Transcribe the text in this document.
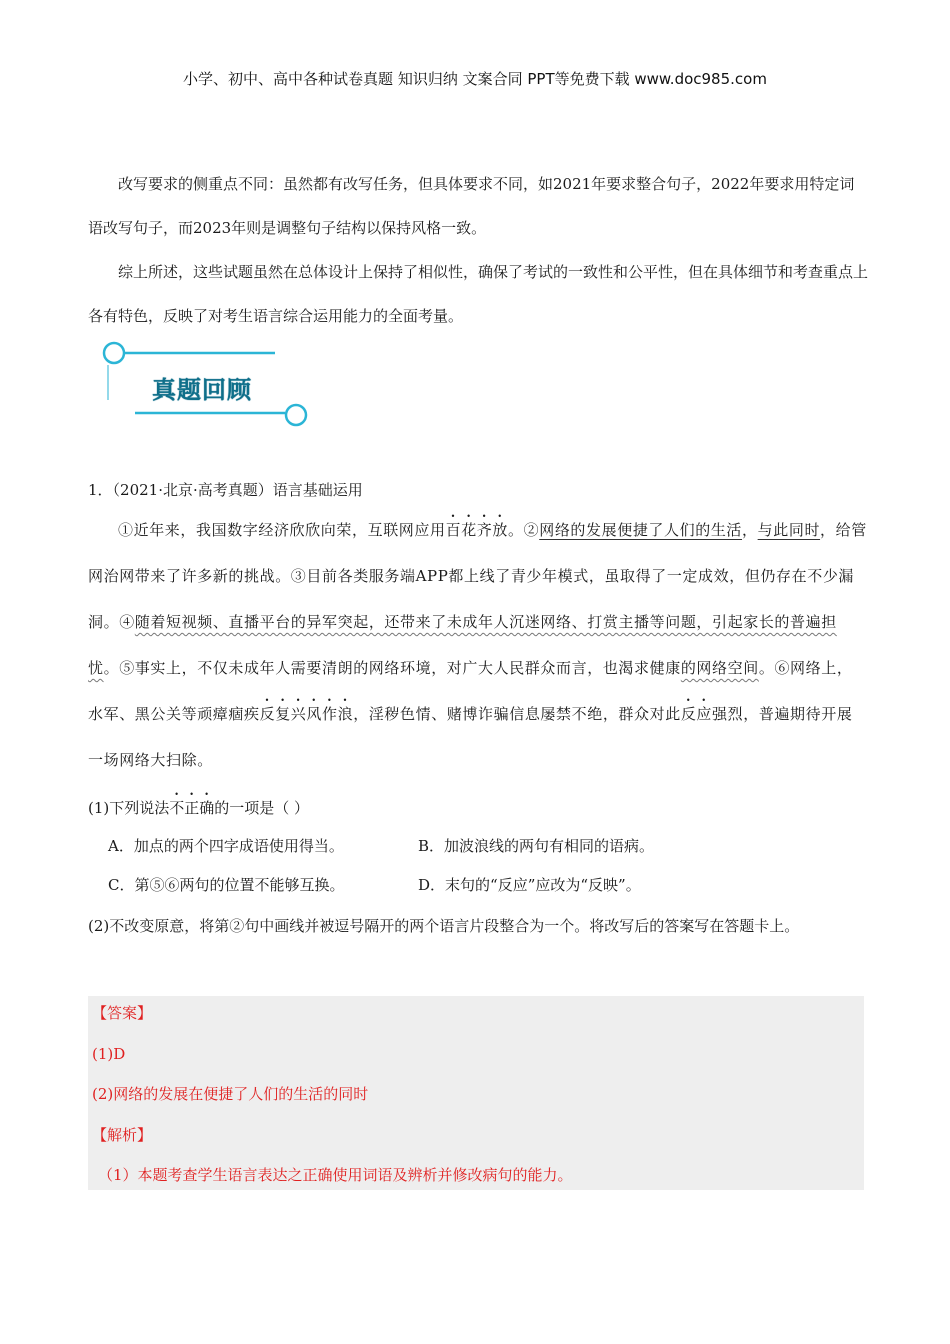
小学、初中、高中各种试卷真题 知识归纳 文案合同 PPT等免费下载 www.doc985.com
改写要求的侧重点不同：虽然都有改写任务，但具体要求不同，如2021年要求整合句子，2022年要求用特定词语改写句子，而2023年则是调整句子结构以保持风格一致。
综上所述，这些试题虽然在总体设计上保持了相似性，确保了考试的一致性和公平性，但在具体细节和考查重点上各有特色，反映了对考生语言综合运用能力的全面考量。
真题回顾
1．（2021·北京·高考真题）语言基础运用
①近年来，我国数字经济欣欣向荣，互联网应用百花齐放。②网络的发展便捷了人们的生活，与此同时，给管网治网带来了许多新的挑战。③目前各类服务端APP都上线了青少年模式，虽取得了一定成效，但仍存在不少漏洞。④随着短视频、直播平台的异军突起，还带来了未成年人沉迷网络、打赏主播等问题，引起家长的普遍担忧。⑤事实上，不仅未成年人需要清朗的网络环境，对广大人民群众而言，也渴求健康的网络空间。⑥网络上，水军、黑公关等顽瘴痼疾反复兴风作浪，淫秽色情、赌博诈骗信息屡禁不绝，群众对此反应强烈，普遍期待开展一场网络大扫除。
(1)下列说法不正确的一项是（ ）
A．加点的两个四字成语使用得当。	B．加波浪线的两句有相同的语病。
C．第⑤⑥两句的位置不能够互换。	D．末句的“反应”应改为“反映”。
(2)不改变原意，将第②句中画线并被逗号隔开的两个语言片段整合为一个。将改写后的答案写在答题卡上。
【答案】
(1)D
(2)网络的发展在便捷了人们的生活的同时
【解析】
（1）本题考查学生语言表达之正确使用词语及辨析并修改病句的能力。
